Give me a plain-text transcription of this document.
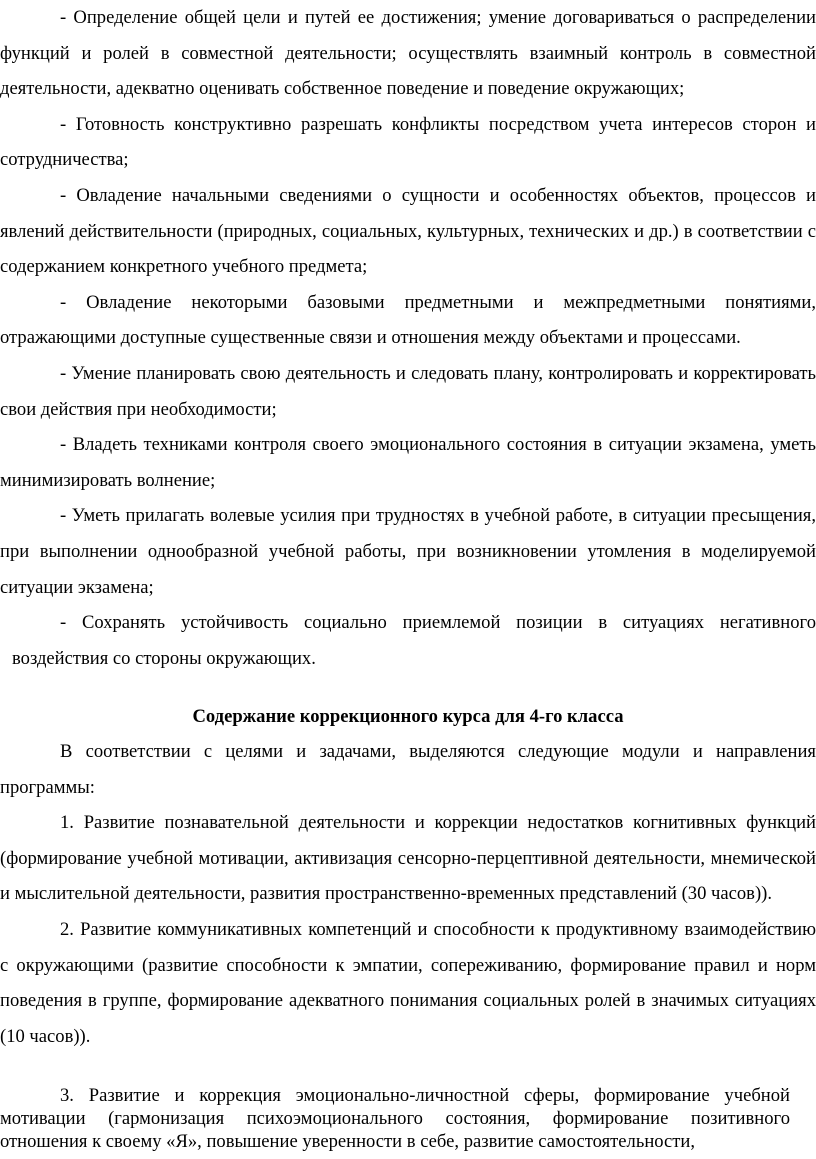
- Определение общей цели и путей ее достижения; умение договариваться о распределении функций и ролей в совместной деятельности; осуществлять взаимный контроль в совместной деятельности, адекватно оценивать собственное поведение и поведение окружающих;

- Готовность конструктивно разрешать конфликты посредством учета интересов сторон и сотрудничества;

- Овладение начальными сведениями о сущности и особенностях объектов, процессов и явлений действительности (природных, социальных, культурных, технических и др.) в соответствии с содержанием конкретного учебного предмета;

- Овладение некоторыми базовыми предметными и межпредметными понятиями, отражающими доступные существенные связи и отношения между объектами и процессами.

- Умение планировать свою деятельность и следовать плану, контролировать и корректировать свои действия при необходимости;

- Владеть техниками контроля своего эмоционального состояния в ситуации экзамена, уметь минимизировать волнение;

- Уметь прилагать волевые усилия при трудностях в учебной работе, в ситуации пресыщения, при выполнении однообразной учебной работы, при возникновении утомления в моделируемой ситуации экзамена;

- Сохранять устойчивость социально приемлемой позиции в ситуациях негативного воздействия со стороны окружающих.

Содержание коррекционного курса для 4-го класса

В соответствии с целями и задачами, выделяются следующие модули и направления программы:

1. Развитие познавательной деятельности и коррекции недостатков когнитивных функций (формирование учебной мотивации, активизация сенсорно-перцептивной деятельности, мнемической и мыслительной деятельности, развития пространственно-временных представлений (30 часов)).

2. Развитие коммуникативных компетенций и способности к продуктивному взаимодействию с окружающими (развитие способности к эмпатии, сопереживанию, формирование правил и норм поведения в группе, формирование адекватного понимания социальных ролей в значимых ситуациях (10 часов)).

3. Развитие и коррекция эмоционально-личностной сферы, формирование учебной мотивации (гармонизация психоэмоционального состояния, формирование позитивного отношения к своему «Я», повышение уверенности в себе, развитие самостоятельности,
